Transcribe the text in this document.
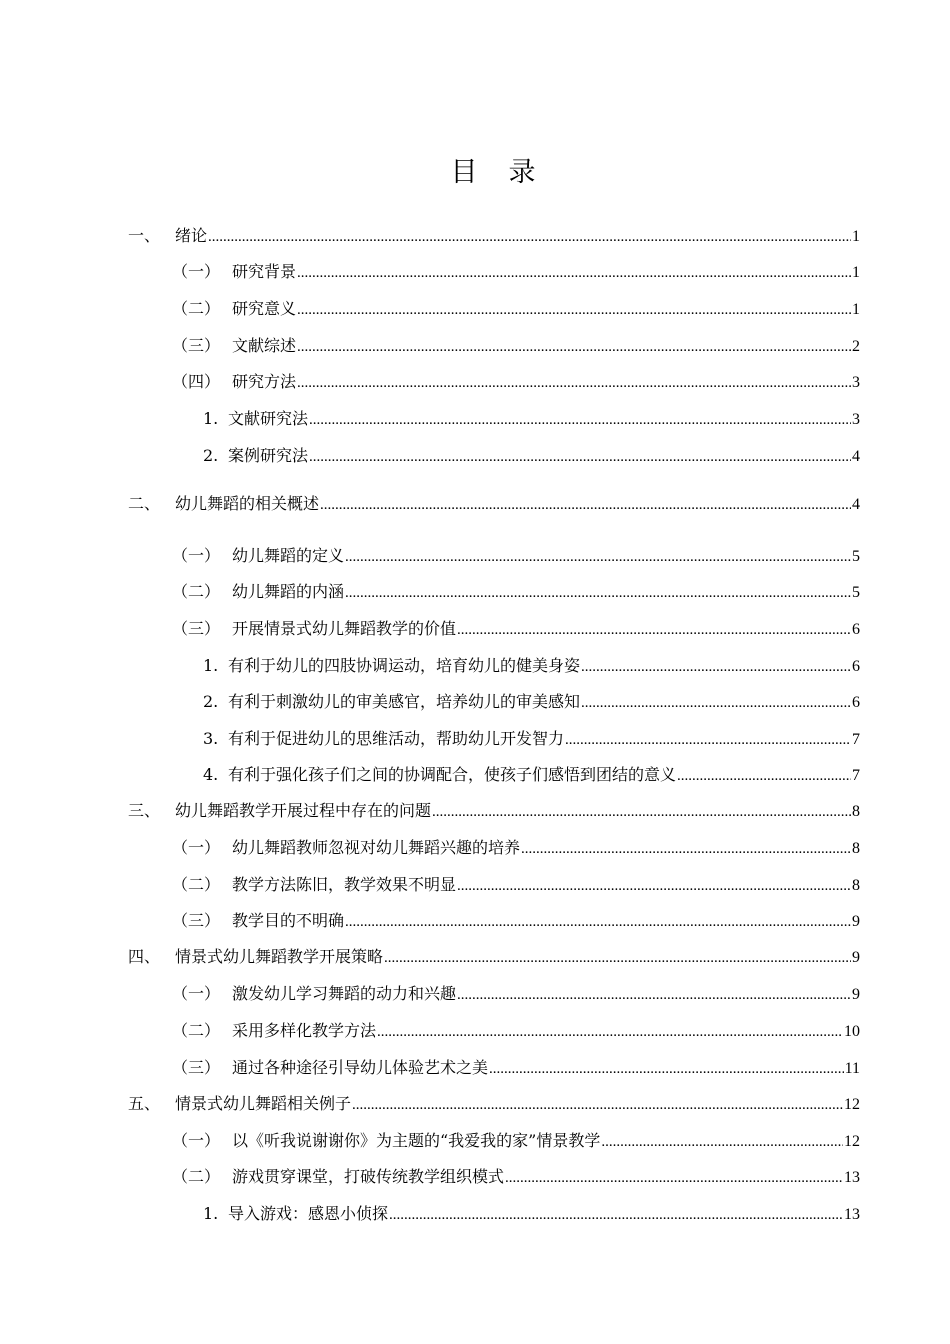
目　录
一、 绪论 .....	1
（一） 研究背景 .....	1
（二） 研究意义 .....	1
（三） 文献综述 .....	2
（四） 研究方法 .....	3
1. 文献研究法 .....	3
2. 案例研究法 .....	4
二、 幼儿舞蹈的相关概述 .....	4
（一） 幼儿舞蹈的定义 .....	5
（二） 幼儿舞蹈的内涵 .....	5
（三） 开展情景式幼儿舞蹈教学的价值 .....	6
1. 有利于幼儿的四肢协调运动，培育幼儿的健美身姿 .....	6
2. 有利于刺激幼儿的审美感官，培养幼儿的审美感知 .....	6
3. 有利于促进幼儿的思维活动，帮助幼儿开发智力 .....	7
4. 有利于强化孩子们之间的协调配合，使孩子们感悟到团结的意义 .....	7
三、 幼儿舞蹈教学开展过程中存在的问题 .....	8
（一） 幼儿舞蹈教师忽视对幼儿舞蹈兴趣的培养 .....	8
（二） 教学方法陈旧，教学效果不明显 .....	8
（三） 教学目的不明确 .....	9
四、 情景式幼儿舞蹈教学开展策略 .....	9
（一） 激发幼儿学习舞蹈的动力和兴趣 .....	9
（二） 采用多样化教学方法 .....	10
（三） 通过各种途径引导幼儿体验艺术之美 .....	11
五、 情景式幼儿舞蹈相关例子 .....	12
（一） 以《听我说谢谢你》为主题的“我爱我的家”情景教学 .....	12
（二） 游戏贯穿课堂，打破传统教学组织模式 .....	13
1. 导入游戏：感恩小侦探 .....	13
